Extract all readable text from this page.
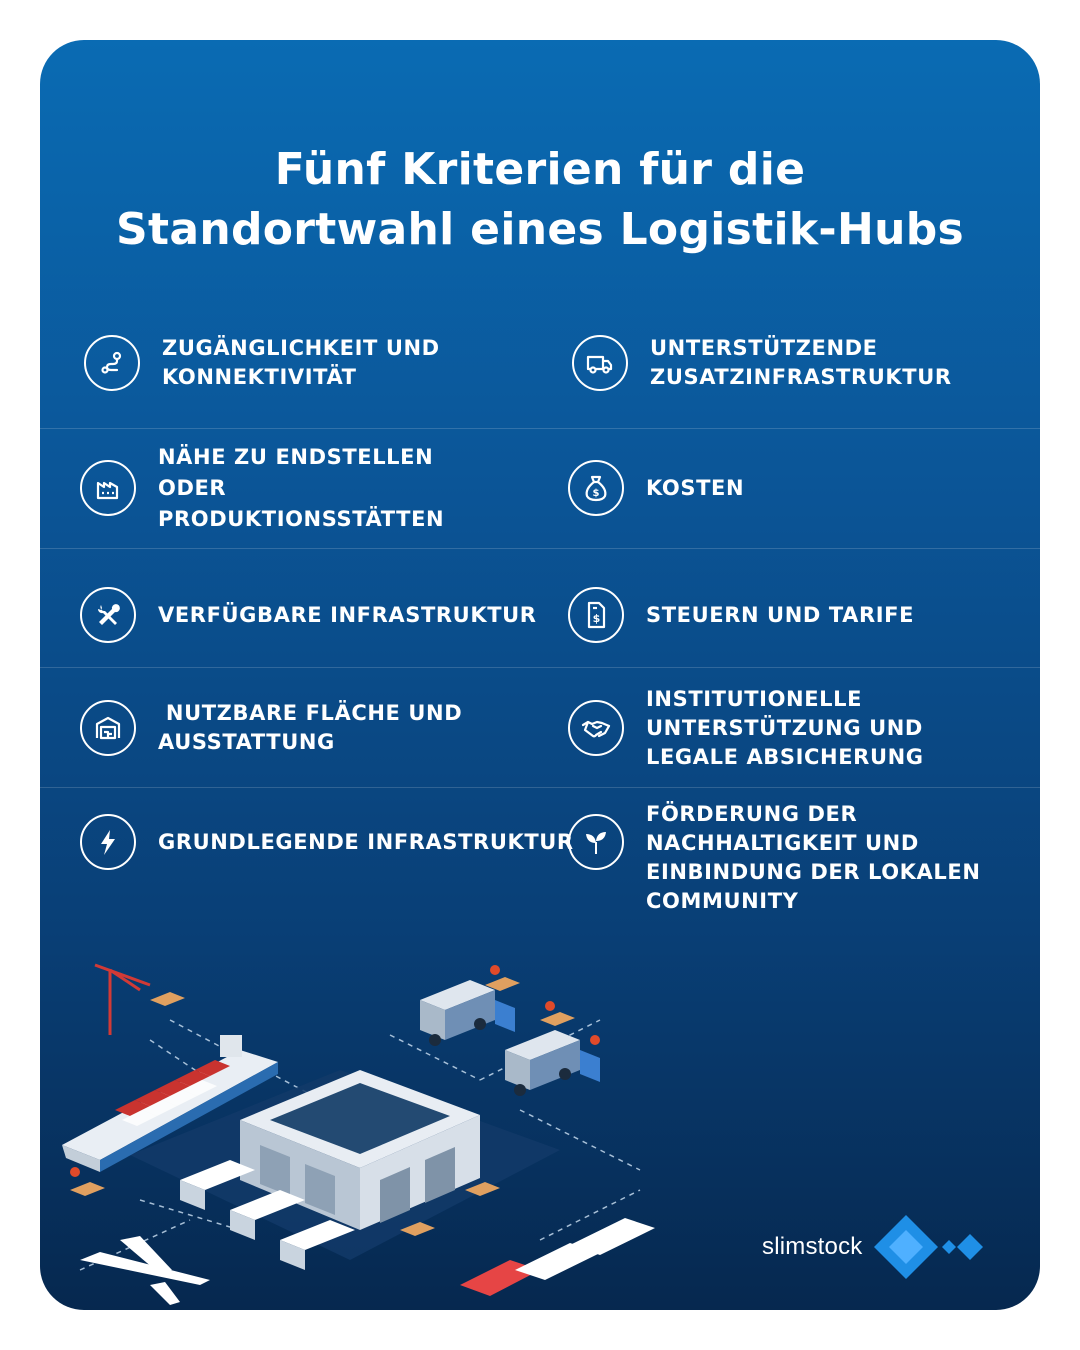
Fünf Kriterien für die
Standortwahl eines Logistik-Hubs
ZUGÄNGLICHKEIT UND
KONNEKTIVITÄT
NÄHE ZU ENDSTELLEN
ODER
PRODUKTIONSSTÄTTEN
VERFÜGBARE INFRASTRUKTUR
NUTZBARE FLÄCHE UND
AUSSTATTUNG
GRUNDLEGENDE INFRASTRUKTUR
UNTERSTÜTZENDE
ZUSATZINFRASTRUKTUR
$ KOSTEN
$ STEUERN UND TARIFE
INSTITUTIONELLE
UNTERSTÜTZUNG UND
LEGALE ABSICHERUNG
FÖRDERUNG DER
NACHHALTIGKEIT UND
EINBINDUNG DER LOKALEN
COMMUNITY
slimstock
